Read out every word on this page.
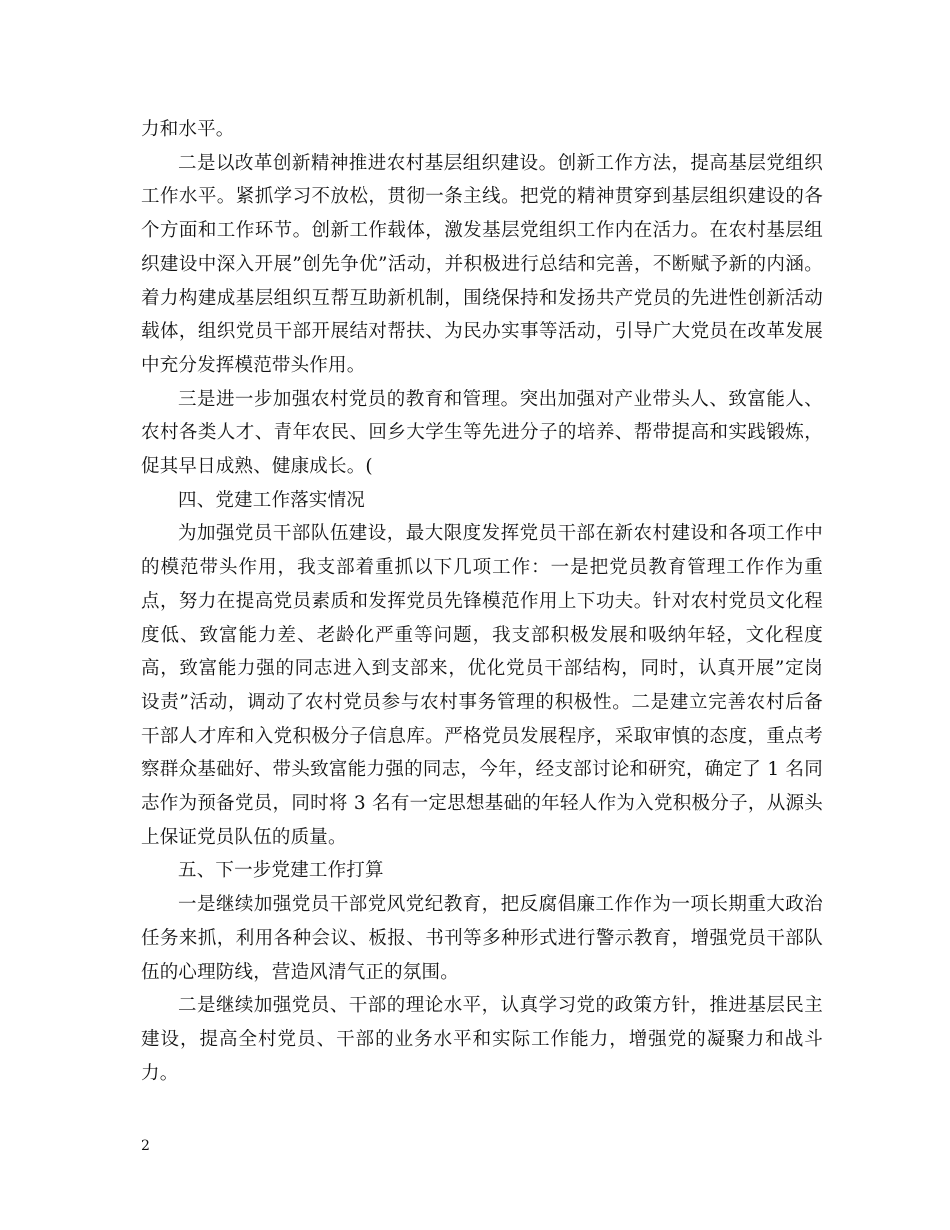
力和水平。

二是以改革创新精神推进农村基层组织建设。创新工作方法，提高基层党组织工作水平。紧抓学习不放松，贯彻一条主线。把党的精神贯穿到基层组织建设的各个方面和工作环节。创新工作载体，激发基层党组织工作内在活力。在农村基层组织建设中深入开展”创先争优”活动，并积极进行总结和完善，不断赋予新的内涵。着力构建成基层组织互帮互助新机制，围绕保持和发扬共产党员的先进性创新活动载体，组织党员干部开展结对帮扶、为民办实事等活动，引导广大党员在改革发展中充分发挥模范带头作用。

三是进一步加强农村党员的教育和管理。突出加强对产业带头人、致富能人、农村各类人才、青年农民、回乡大学生等先进分子的培养、帮带提高和实践锻炼，促其早日成熟、健康成长。(

四、党建工作落实情况

为加强党员干部队伍建设，最大限度发挥党员干部在新农村建设和各项工作中的模范带头作用，我支部着重抓以下几项工作：一是把党员教育管理工作作为重点，努力在提高党员素质和发挥党员先锋模范作用上下功夫。针对农村党员文化程度低、致富能力差、老龄化严重等问题，我支部积极发展和吸纳年轻，文化程度高，致富能力强的同志进入到支部来，优化党员干部结构，同时，认真开展”定岗设责”活动，调动了农村党员参与农村事务管理的积极性。二是建立完善农村后备干部人才库和入党积极分子信息库。严格党员发展程序，采取审慎的态度，重点考察群众基础好、带头致富能力强的同志，今年，经支部讨论和研究，确定了 1 名同志作为预备党员，同时将 3 名有一定思想基础的年轻人作为入党积极分子，从源头上保证党员队伍的质量。

五、下一步党建工作打算

一是继续加强党员干部党风党纪教育，把反腐倡廉工作作为一项长期重大政治任务来抓，利用各种会议、板报、书刊等多种形式进行警示教育，增强党员干部队伍的心理防线，营造风清气正的氛围。

二是继续加强党员、干部的理论水平，认真学习党的政策方针，推进基层民主建设，提高全村党员、干部的业务水平和实际工作能力，增强党的凝聚力和战斗力。

2
